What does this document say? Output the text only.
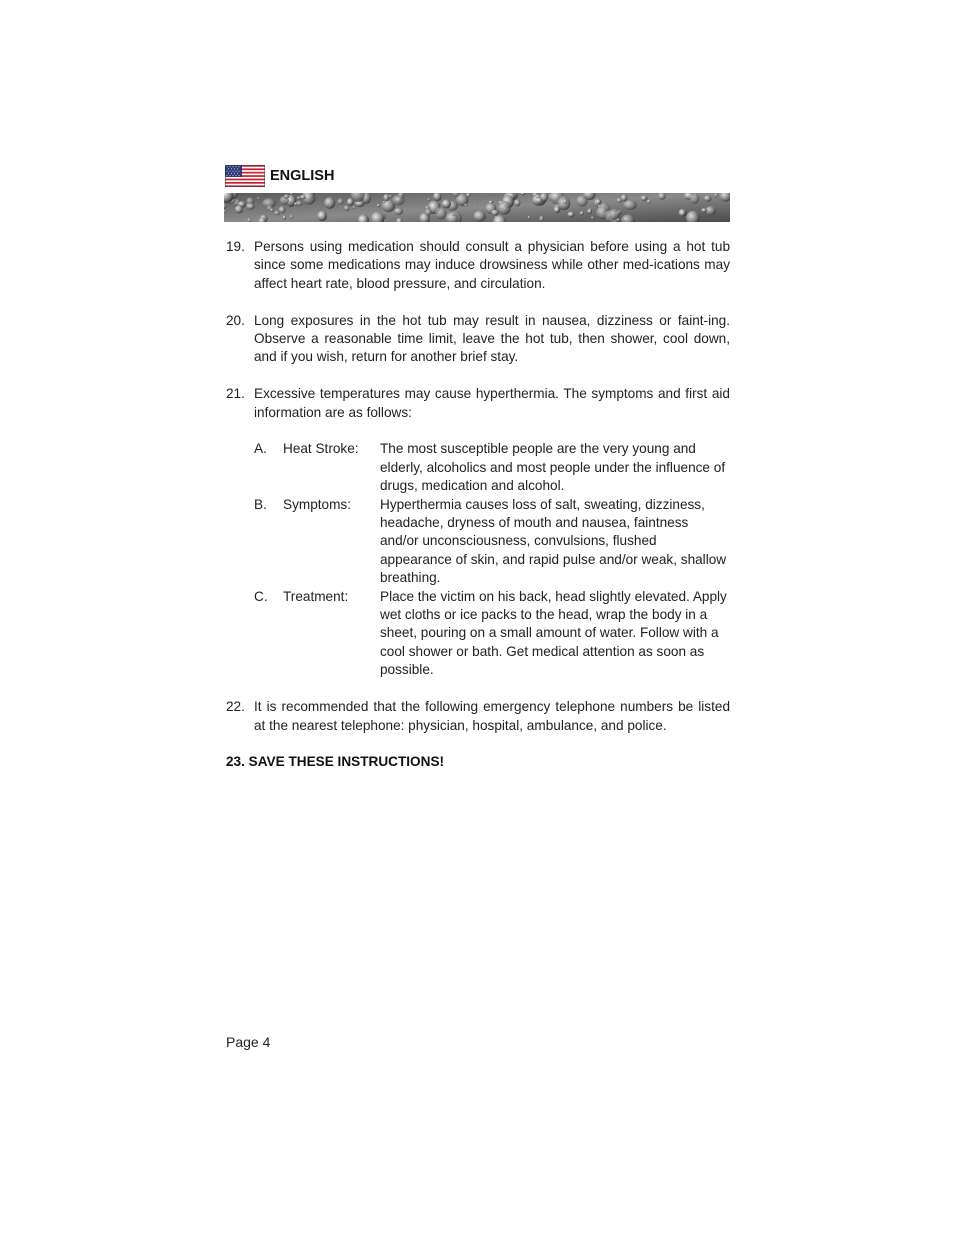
ENGLISH
19. Persons using medication should consult a physician before using a hot tub since some medications may induce drowsiness while other med-ications may affect heart rate, blood pressure, and circulation.
20. Long exposures in the hot tub may result in nausea, dizziness or faint-ing. Observe a reasonable time limit, leave the hot tub, then shower, cool down, and if you wish, return for another brief stay.
21. Excessive temperatures may cause hyperthermia. The symptoms and first aid information are as follows:
A.	Heat Stroke:	The most susceptible people are the very young and elderly, alcoholics and most people under the influence of drugs, medication and alcohol.
B.	Symptoms:	Hyperthermia causes loss of salt, sweating, dizziness, headache, dryness of mouth and nausea, faintness and/or unconsciousness, convulsions, flushed appearance of skin, and rapid pulse and/or weak, shallow breathing.
C.	Treatment:	Place the victim on his back, head slightly elevated. Apply wet cloths or ice packs to the head, wrap the body in a sheet, pouring on a small amount of water. Follow with a cool shower or bath. Get medical attention as soon as possible.
22. It is recommended that the following emergency telephone numbers be listed at the nearest telephone: physician, hospital, ambulance, and police.
23. SAVE THESE INSTRUCTIONS!
Page 4
